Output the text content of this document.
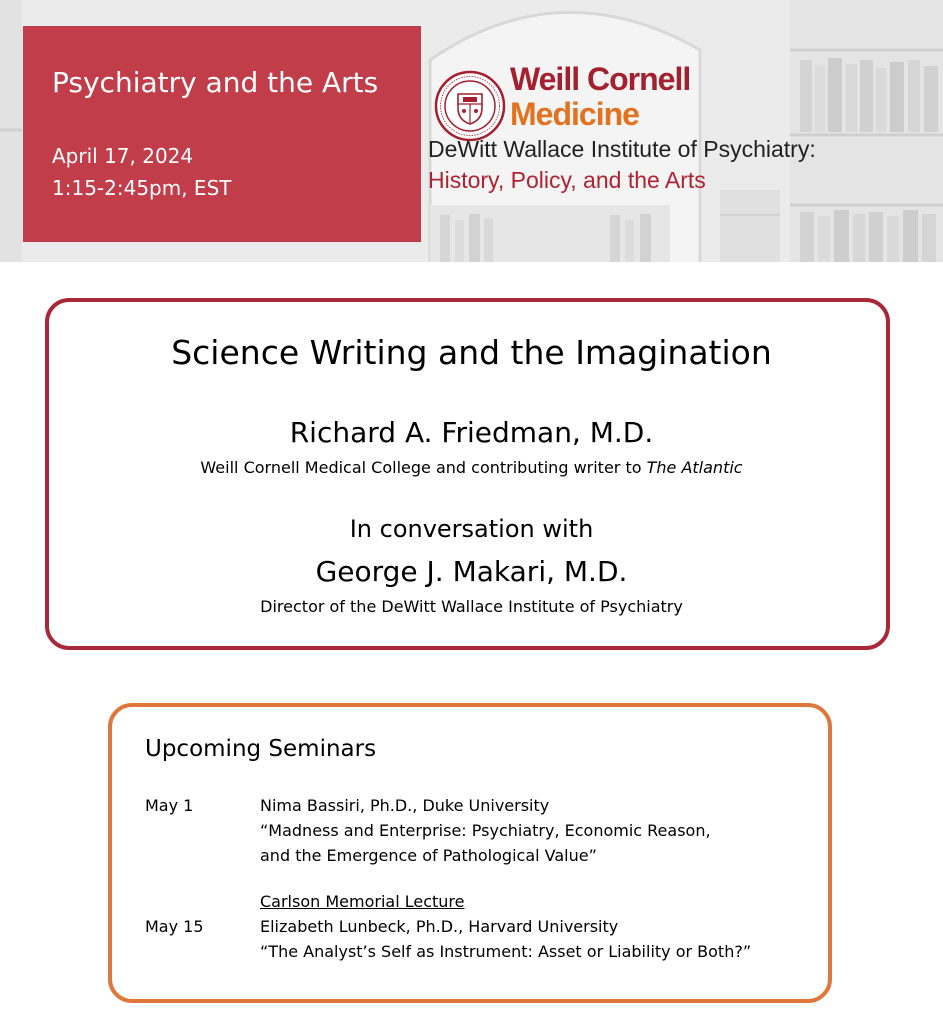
Psychiatry and the Arts
April 17, 2024
1:15-2:45pm, EST
Weill Cornell
Medicine
DeWitt Wallace Institute of Psychiatry:
History, Policy, and the Arts
Science Writing and the Imagination
Richard A. Friedman, M.D.
Weill Cornell Medical College and contributing writer to The Atlantic
In conversation with
George J. Makari, M.D.
Director of the DeWitt Wallace Institute of Psychiatry
Upcoming Seminars
May 1	Nima Bassiri, Ph.D., Duke University
“Madness and Enterprise: Psychiatry, Economic Reason,
and the Emergence of Pathological Value”
Carlson Memorial Lecture
May 15	Elizabeth Lunbeck, Ph.D., Harvard University
“The Analyst’s Self as Instrument: Asset or Liability or Both?”
